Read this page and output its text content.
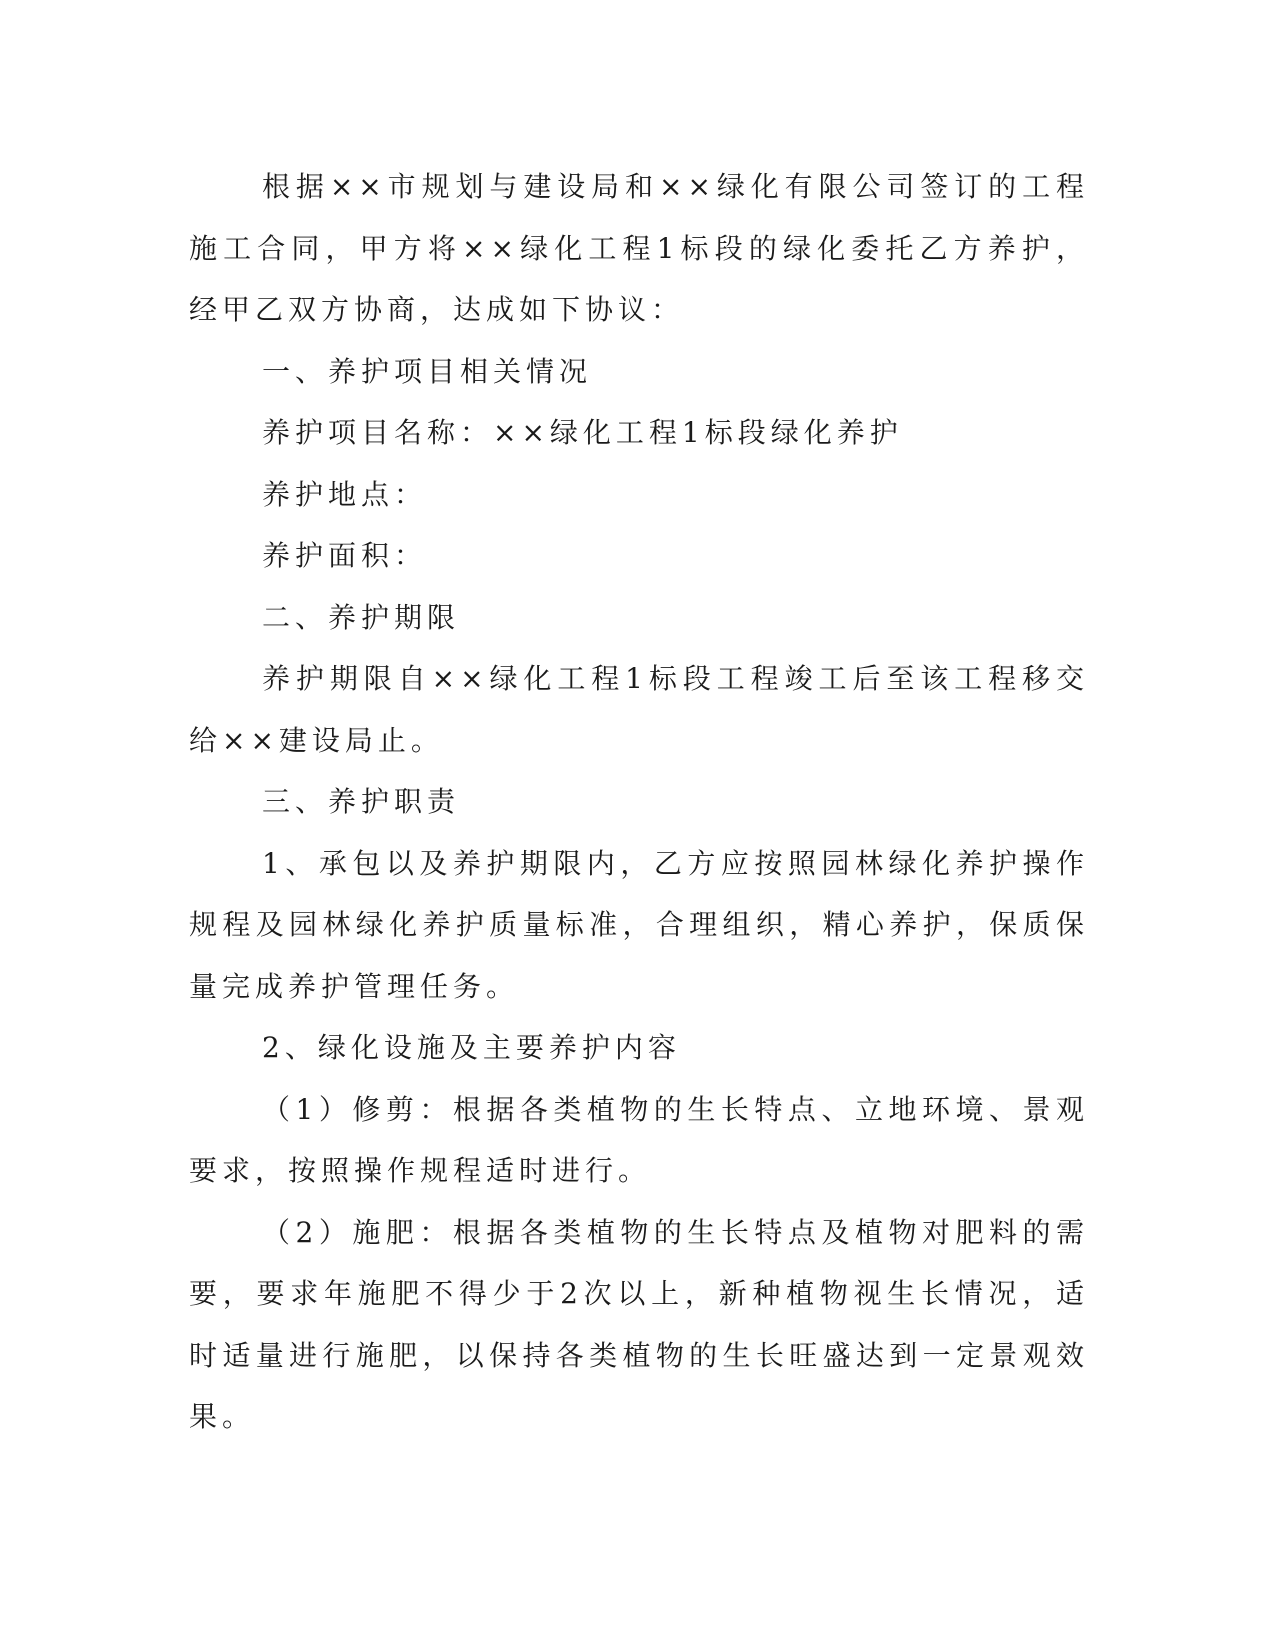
根据××市规划与建设局和××绿化有限公司签订的工程施工合同，甲方将××绿化工程1标段的绿化委托乙方养护，经甲乙双方协商，达成如下协议：

一、养护项目相关情况

养护项目名称：××绿化工程1标段绿化养护

养护地点：

养护面积：

二、养护期限

养护期限自××绿化工程1标段工程竣工后至该工程移交给××建设局止。

三、养护职责

1、承包以及养护期限内，乙方应按照园林绿化养护操作规程及园林绿化养护质量标准，合理组织，精心养护，保质保量完成养护管理任务。

2、绿化设施及主要养护内容

（1）修剪：根据各类植物的生长特点、立地环境、景观要求，按照操作规程适时进行。

（2）施肥：根据各类植物的生长特点及植物对肥料的需要，要求年施肥不得少于2次以上，新种植物视生长情况，适时适量进行施肥，以保持各类植物的生长旺盛达到一定景观效果。
